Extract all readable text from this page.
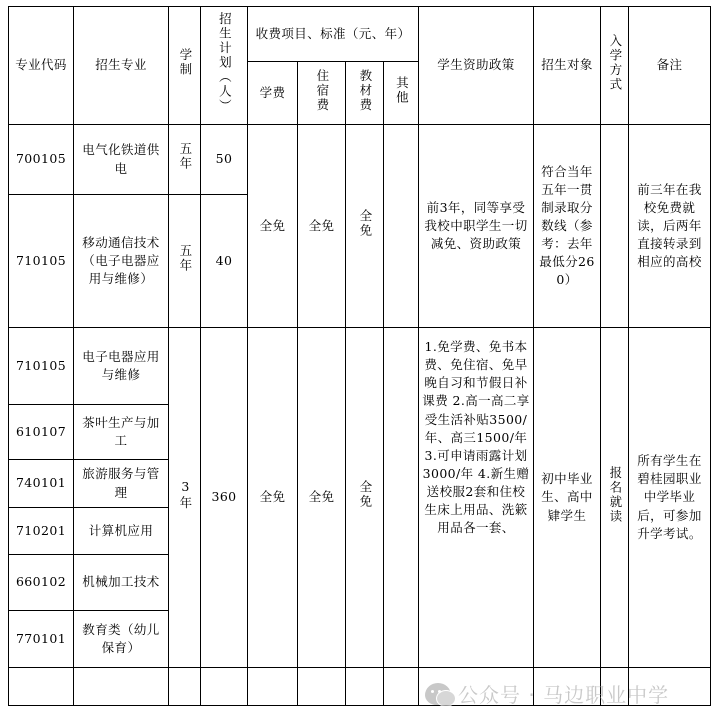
专业代码	招生专业	学制	招生计划（人）	收费项目、标准（元、年）				学生资助政策	招生对象	入学方式	备注
				学费	住宿费	教材费	其他				
700105	电气化铁道供电	五年	50	全免	全免	全免		前3年，同等享受我校中职学生一切减免、资助政策	符合当年五年一贯制录取分数线（参考：去年最低分260）		前三年在我校免费就读，后两年直接转录到相应的高校
710105	移动通信技术（电子电器应用与维修）	五年	40								
710105	电子电器应用与维修	3年	360	全免	全免	全免		1.免学费、免书本费、免住宿、免早晚自习和节假日补课费 2.高一高二享受生活补贴3500/年、高三1500/年 3.可申请雨露计划3000/年 4.新生赠送校服2套和住校生床上用品、洗簌用品各一套、	初中毕业生、高中肄学生	报名就读	所有学生在碧桂园职业中学毕业后，可参加升学考试。
610107	茶叶生产与加工										
740101	旅游服务与管理										
710201	计算机应用										
660102	机械加工技术										
770101	教育类（幼儿保育）										

公众号 · 马边职业中学
